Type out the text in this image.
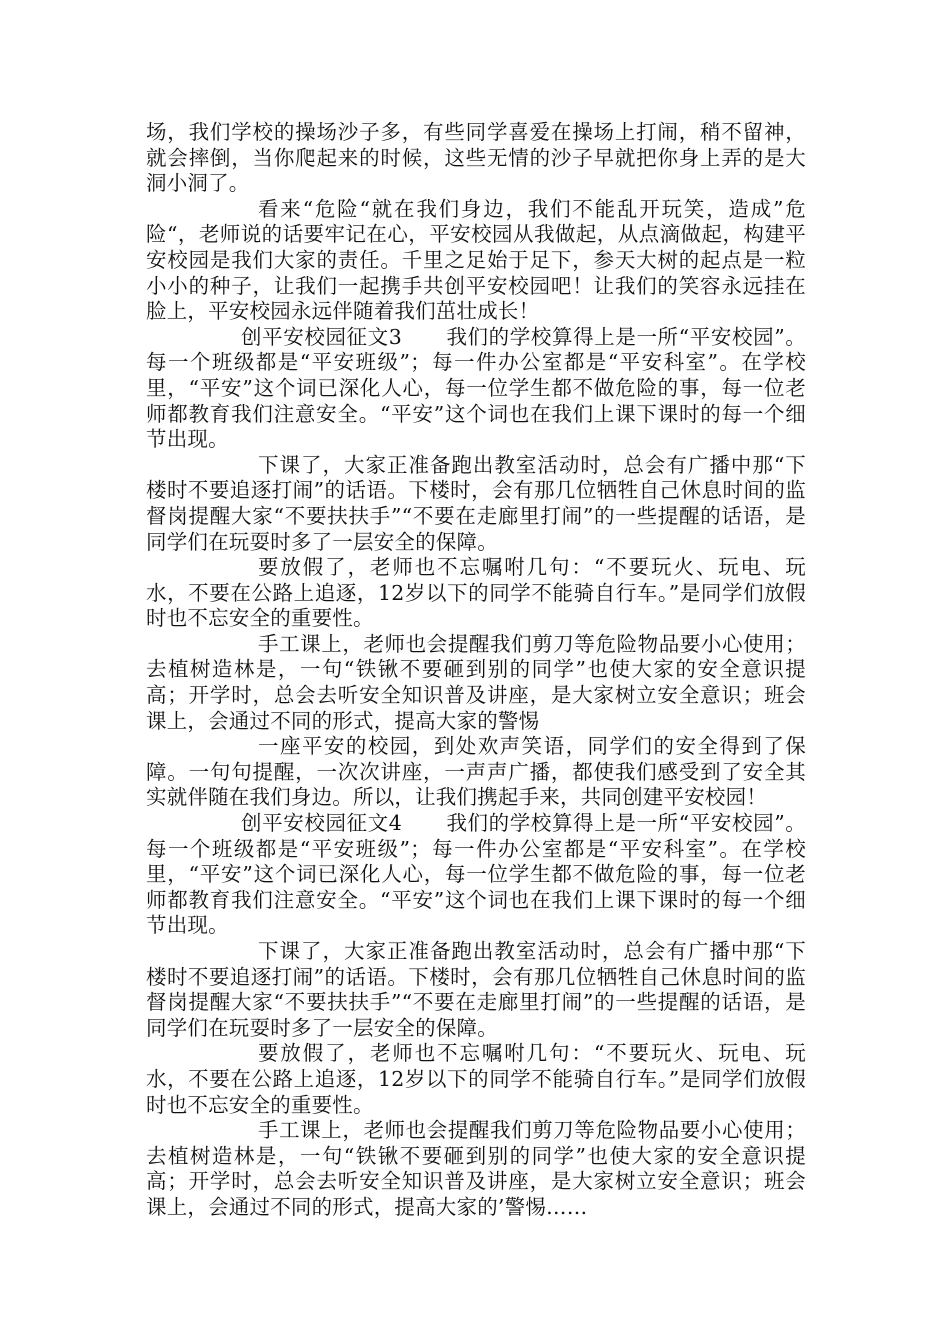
场，我们学校的操场沙子多，有些同学喜爱在操场上打闹，稍不留神，就会摔倒，当你爬起来的时候，这些无情的沙子早就把你身上弄的是大洞小洞了。

看来“危险“就在我们身边，我们不能乱开玩笑，造成”危险“，老师说的话要牢记在心，平安校园从我做起，从点滴做起，构建平安校园是我们大家的责任。千里之足始于足下，参天大树的起点是一粒小小的种子，让我们一起携手共创平安校园吧！让我们的笑容永远挂在脸上，平安校园永远伴随着我们茁壮成长！

创平安校园征文3 我们的学校算得上是一所“平安校园”。每一个班级都是“平安班级”；每一件办公室都是“平安科室”。在学校里，“平安”这个词已深化人心，每一位学生都不做危险的事，每一位老师都教育我们注意安全。“平安”这个词也在我们上课下课时的每一个细节出现。

下课了，大家正准备跑出教室活动时，总会有广播中那“下楼时不要追逐打闹”的话语。下楼时，会有那几位牺牲自己休息时间的监督岗提醒大家“不要扶扶手”“不要在走廊里打闹”的一些提醒的话语，是同学们在玩耍时多了一层安全的保障。

要放假了，老师也不忘嘱咐几句：“不要玩火、玩电、玩水，不要在公路上追逐，12岁以下的同学不能骑自行车。”是同学们放假时也不忘安全的重要性。

手工课上，老师也会提醒我们剪刀等危险物品要小心使用；去植树造林是，一句“铁锹不要砸到别的同学”也使大家的安全意识提高；开学时，总会去听安全知识普及讲座，是大家树立安全意识；班会课上，会通过不同的形式，提高大家的警惕

一座平安的校园，到处欢声笑语，同学们的安全得到了保障。一句句提醒，一次次讲座，一声声广播，都使我们感受到了安全其实就伴随在我们身边。所以，让我们携起手来，共同创建平安校园！

创平安校园征文4 我们的学校算得上是一所“平安校园”。每一个班级都是“平安班级”；每一件办公室都是“平安科室”。在学校里，“平安”这个词已深化人心，每一位学生都不做危险的事，每一位老师都教育我们注意安全。“平安”这个词也在我们上课下课时的每一个细节出现。

下课了，大家正准备跑出教室活动时，总会有广播中那“下楼时不要追逐打闹”的话语。下楼时，会有那几位牺牲自己休息时间的监督岗提醒大家“不要扶扶手”“不要在走廊里打闹”的一些提醒的话语，是同学们在玩耍时多了一层安全的保障。

要放假了，老师也不忘嘱咐几句：“不要玩火、玩电、玩水，不要在公路上追逐，12岁以下的同学不能骑自行车。”是同学们放假时也不忘安全的重要性。

手工课上，老师也会提醒我们剪刀等危险物品要小心使用；去植树造林是，一句“铁锹不要砸到别的同学”也使大家的安全意识提高；开学时，总会去听安全知识普及讲座，是大家树立安全意识；班会课上，会通过不同的形式，提高大家的’警惕……
